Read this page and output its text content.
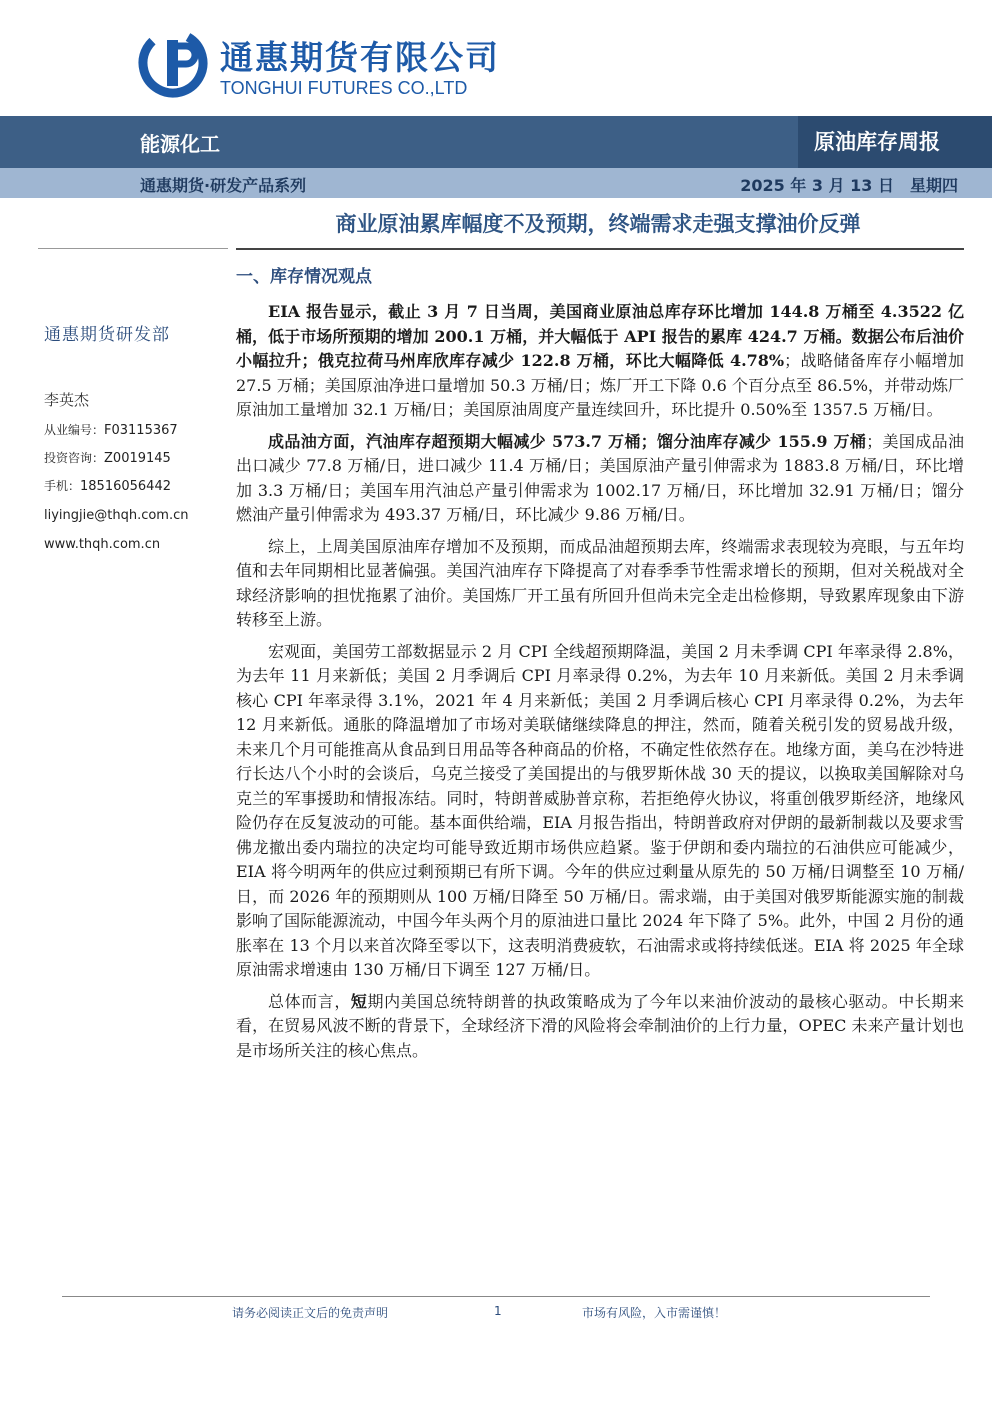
通惠期货有限公司
TONGHUI FUTURES CO.,LTD
能源化工	原油库存周报
通惠期货·研发产品系列	2025 年 3 月 13 日　星期四
商业原油累库幅度不及预期，终端需求走强支撑油价反弹
一、库存情况观点
通惠期货研发部
李英杰
从业编号：F03115367
投资咨询：Z0019145
手机：18516056442
liyingjie@thqh.com.cn
www.thqh.com.cn

EIA 报告显示，截止 3 月 7 日当周，美国商业原油总库存环比增加 144.8 万桶至 4.3522 亿桶，低于市场所预期的增加 200.1 万桶，并大幅低于 API 报告的累库 424.7 万桶。数据公布后油价小幅拉升；俄克拉荷马州库欣库存减少 122.8 万桶，环比大幅降低 4.78%；战略储备库存小幅增加 27.5 万桶；美国原油净进口量增加 50.3 万桶/日；炼厂开工下降 0.6 个百分点至 86.5%，并带动炼厂原油加工量增加 32.1 万桶/日；美国原油周度产量连续回升，环比提升 0.50%至 1357.5 万桶/日。

成品油方面，汽油库存超预期大幅减少 573.7 万桶；馏分油库存减少 155.9 万桶；美国成品油出口减少 77.8 万桶/日，进口减少 11.4 万桶/日；美国原油产量引伸需求为 1883.8 万桶/日，环比增加 3.3 万桶/日；美国车用汽油总产量引伸需求为 1002.17 万桶/日，环比增加 32.91 万桶/日；馏分燃油产量引伸需求为 493.37 万桶/日，环比减少 9.86 万桶/日。

综上，上周美国原油库存增加不及预期，而成品油超预期去库，终端需求表现较为亮眼，与五年均值和去年同期相比显著偏强。美国汽油库存下降提高了对春季季节性需求增长的预期，但对关税战对全球经济影响的担忧拖累了油价。美国炼厂开工虽有所回升但尚未完全走出检修期，导致累库现象由下游转移至上游。

宏观面，美国劳工部数据显示 2 月 CPI 全线超预期降温，美国 2 月未季调 CPI 年率录得 2.8%，为去年 11 月来新低；美国 2 月季调后 CPI 月率录得 0.2%，为去年 10 月来新低。美国 2 月未季调核心 CPI 年率录得 3.1%，2021 年 4 月来新低；美国 2 月季调后核心 CPI 月率录得 0.2%，为去年 12 月来新低。通胀的降温增加了市场对美联储继续降息的押注，然而，随着关税引发的贸易战升级，未来几个月可能推高从食品到日用品等各种商品的价格，不确定性依然存在。地缘方面，美乌在沙特进行长达八个小时的会谈后，乌克兰接受了美国提出的与俄罗斯休战 30 天的提议，以换取美国解除对乌克兰的军事援助和情报冻结。同时，特朗普威胁普京称，若拒绝停火协议，将重创俄罗斯经济，地缘风险仍存在反复波动的可能。基本面供给端，EIA 月报告指出，特朗普政府对伊朗的最新制裁以及要求雪佛龙撤出委内瑞拉的决定均可能导致近期市场供应趋紧。鉴于伊朗和委内瑞拉的石油供应可能减少，EIA 将今明两年的供应过剩预期已有所下调。今年的供应过剩量从原先的 50 万桶/日调整至 10 万桶/日，而 2026 年的预期则从 100 万桶/日降至 50 万桶/日。需求端，由于美国对俄罗斯能源实施的制裁影响了国际能源流动，中国今年头两个月的原油进口量比 2024 年下降了 5%。此外，中国 2 月份的通胀率在 13 个月以来首次降至零以下，这表明消费疲软，石油需求或将持续低迷。EIA 将 2025 年全球原油需求增速由 130 万桶/日下调至 127 万桶/日。

总体而言，短期内美国总统特朗普的执政策略成为了今年以来油价波动的最核心驱动。中长期来看，在贸易风波不断的背景下，全球经济下滑的风险将会牵制油价的上行力量，OPEC 未来产量计划也是市场所关注的核心焦点。

请务必阅读正文后的免责声明	1	市场有风险，入市需谨慎！
